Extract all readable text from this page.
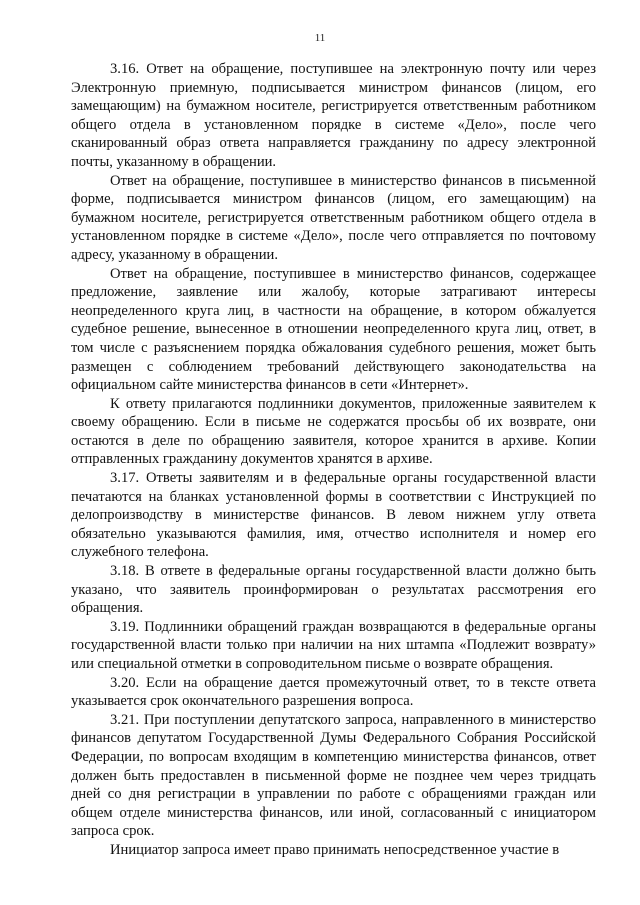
11

3.16. Ответ на обращение, поступившее на электронную почту или через Электронную приемную, подписывается министром финансов (лицом, его замещающим) на бумажном носителе, регистрируется ответственным работником общего отдела в установленном порядке в системе «Дело», после чего сканированный образ ответа направляется гражданину по адресу электронной почты, указанному в обращении.

Ответ на обращение, поступившее в министерство финансов в письменной форме, подписывается министром финансов (лицом, его замещающим) на бумажном носителе, регистрируется ответственным работником общего отдела в установленном порядке в системе «Дело», после чего отправляется по почтовому адресу, указанному в обращении.

Ответ на обращение, поступившее в министерство финансов, содержащее предложение, заявление или жалобу, которые затрагивают интересы неопределенного круга лиц, в частности на обращение, в котором обжалуется судебное решение, вынесенное в отношении неопределенного круга лиц, ответ, в том числе с разъяснением порядка обжалования судебного решения, может быть размещен с соблюдением требований действующего законодательства на официальном сайте министерства финансов в сети «Интернет».

К ответу прилагаются подлинники документов, приложенные заявителем к своему обращению. Если в письме не содержатся просьбы об их возврате, они остаются в деле по обращению заявителя, которое хранится в архиве. Копии отправленных гражданину документов хранятся в архиве.

3.17. Ответы заявителям и в федеральные органы государственной власти печатаются на бланках установленной формы в соответствии с Инструкцией по делопроизводству в министерстве финансов. В левом нижнем углу ответа обязательно указываются фамилия, имя, отчество исполнителя и номер его служебного телефона.

3.18. В ответе в федеральные органы государственной власти должно быть указано, что заявитель проинформирован о результатах рассмотрения его обращения.

3.19. Подлинники обращений граждан возвращаются в федеральные органы государственной власти только при наличии на них штампа «Подлежит возврату» или специальной отметки в сопроводительном письме о возврате обращения.

3.20. Если на обращение дается промежуточный ответ, то в тексте ответа указывается срок окончательного разрешения вопроса.

3.21. При поступлении депутатского запроса, направленного в министерство финансов депутатом Государственной Думы Федерального Собрания Российской Федерации, по вопросам входящим в компетенцию министерства финансов, ответ должен быть предоставлен в письменной форме не позднее чем через тридцать дней со дня регистрации в управлении по работе с обращениями граждан или общем отделе министерства финансов, или иной, согласованный с инициатором запроса срок.

Инициатор запроса имеет право принимать непосредственное участие в
